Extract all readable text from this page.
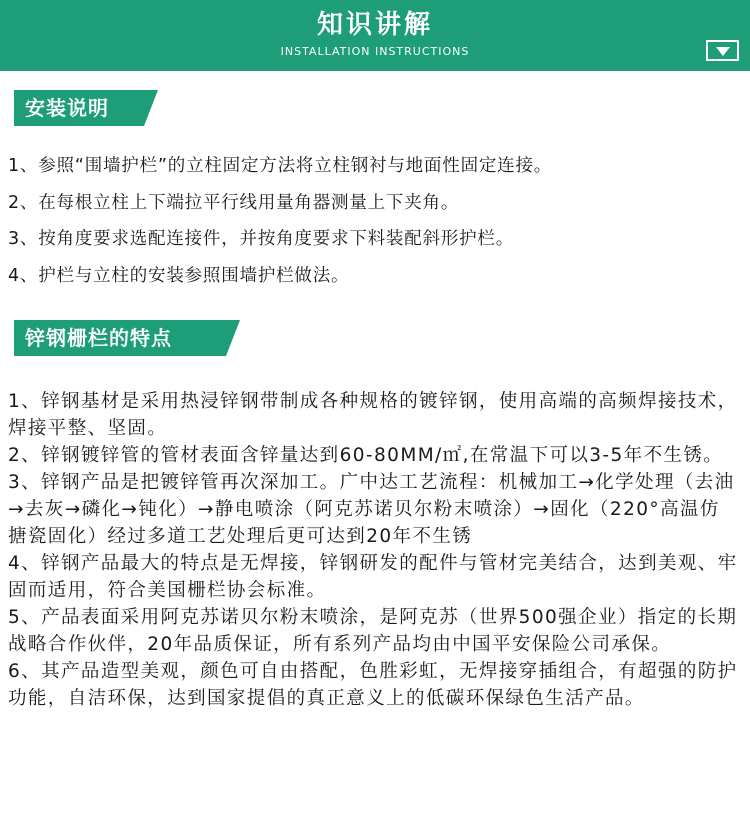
知识讲解
INSTALLATION INSTRUCTIONS
安装说明
1、参照“围墙护栏”的立柱固定方法将立柱钢衬与地面性固定连接。
2、在每根立柱上下端拉平行线用量角器测量上下夹角。
3、按角度要求选配连接件，并按角度要求下料装配斜形护栏。
4、护栏与立柱的安装参照围墙护栏做法。
锌钢栅栏的特点
1、锌钢基材是采用热浸锌钢带制成各种规格的镀锌钢，使用高端的高频焊接技术，焊接平整、坚固。
2、锌钢镀锌管的管材表面含锌量达到60-80MM/㎡,在常温下可以3-5年不生锈。
3、锌钢产品是把镀锌管再次深加工。广中达工艺流程：机械加工→化学处理（去油→去灰→磷化→钝化）→静电喷涂（阿克苏诺贝尔粉末喷涂）→固化（220°高温仿搪瓷固化）经过多道工艺处理后更可达到20年不生锈
4、锌钢产品最大的特点是无焊接，锌钢研发的配件与管材完美结合，达到美观、牢固而适用，符合美国栅栏协会标准。
5、产品表面采用阿克苏诺贝尔粉末喷涂，是阿克苏（世界500强企业）指定的长期战略合作伙伴，20年品质保证，所有系列产品均由中国平安保险公司承保。
6、其产品造型美观，颜色可自由搭配，色胜彩虹，无焊接穿插组合，有超强的防护功能，自洁环保，达到国家提倡的真正意义上的低碳环保绿色生活产品。
